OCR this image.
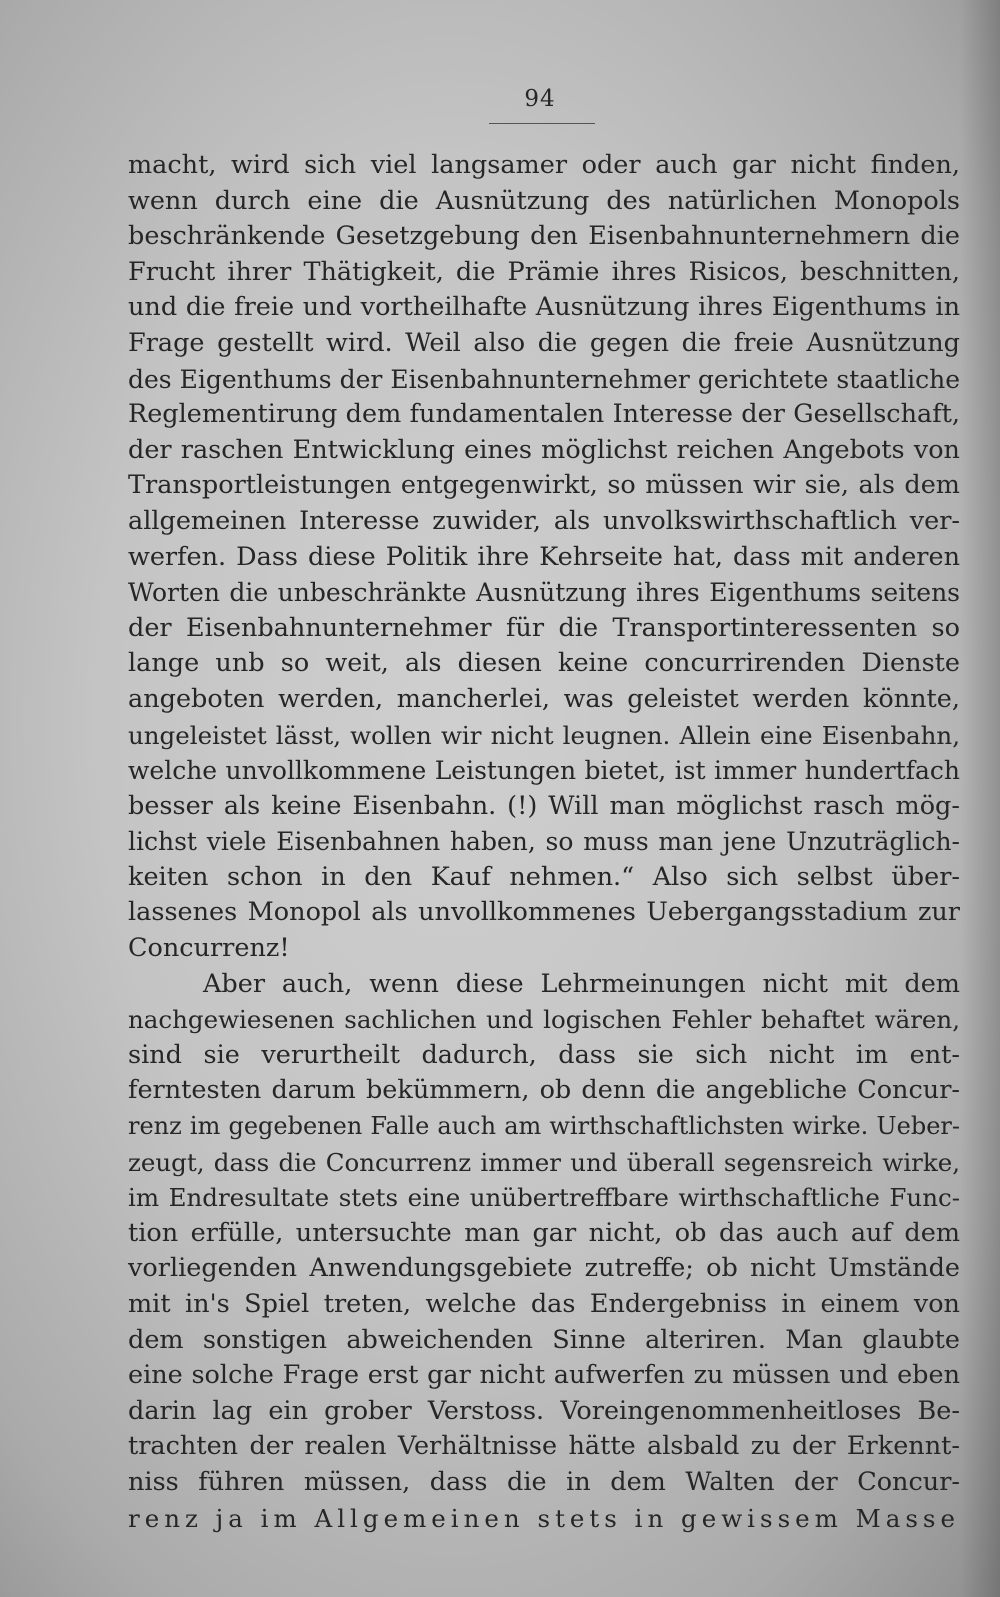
94
macht, wird sich viel langsamer oder auch gar nicht finden,
wenn durch eine die Ausnützung des natürlichen Monopols
beschränkende Gesetzgebung den Eisenbahnunternehmern die
Frucht ihrer Thätigkeit, die Prämie ihres Risicos, beschnitten,
und die freie und vortheilhafte Ausnützung ihres Eigenthums in
Frage gestellt wird. Weil also die gegen die freie Ausnützung
des Eigenthums der Eisenbahnunternehmer gerichtete staatliche
Reglementirung dem fundamentalen Interesse der Gesellschaft,
der raschen Entwicklung eines möglichst reichen Angebots von
Transportleistungen entgegenwirkt, so müssen wir sie, als dem
allgemeinen Interesse zuwider, als unvolkswirthschaftlich ver-
werfen. Dass diese Politik ihre Kehrseite hat, dass mit anderen
Worten die unbeschränkte Ausnützung ihres Eigenthums seitens
der Eisenbahnunternehmer für die Transportinteressenten so
lange unb so weit, als diesen keine concurrirenden Dienste
angeboten werden, mancherlei, was geleistet werden könnte,
ungeleistet lässt, wollen wir nicht leugnen. Allein eine Eisenbahn,
welche unvollkommene Leistungen bietet, ist immer hundertfach
besser als keine Eisenbahn. (!) Will man möglichst rasch mög-
lichst viele Eisenbahnen haben, so muss man jene Unzuträglich-
keiten schon in den Kauf nehmen.“ Also sich selbst über-
lassenes Monopol als unvollkommenes Uebergangsstadium zur
Concurrenz!
Aber auch, wenn diese Lehrmeinungen nicht mit dem
nachgewiesenen sachlichen und logischen Fehler behaftet wären,
sind sie verurtheilt dadurch, dass sie sich nicht im ent-
ferntesten darum bekümmern, ob denn die angebliche Concur-
renz im gegebenen Falle auch am wirthschaftlichsten wirke. Ueber-
zeugt, dass die Concurrenz immer und überall segensreich wirke,
im Endresultate stets eine unübertreffbare wirthschaftliche Func-
tion erfülle, untersuchte man gar nicht, ob das auch auf dem
vorliegenden Anwendungsgebiete zutreffe; ob nicht Umstände
mit in's Spiel treten, welche das Endergebniss in einem von
dem sonstigen abweichenden Sinne alteriren. Man glaubte
eine solche Frage erst gar nicht aufwerfen zu müssen und eben
darin lag ein grober Verstoss. Voreingenommenheitloses Be-
trachten der realen Verhältnisse hätte alsbald zu der Erkennt-
niss führen müssen, dass die in dem Walten der Concur-
renz ja im Allgemeinen stets in gewissem Masse
